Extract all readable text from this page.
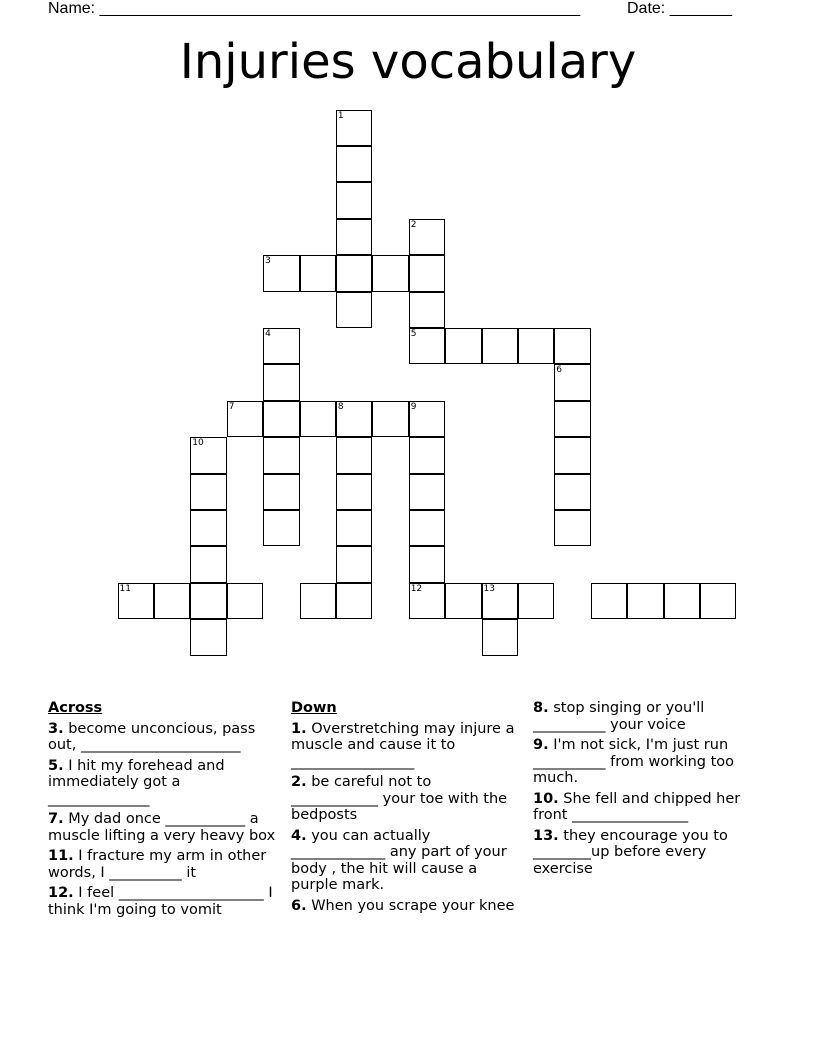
Name: ______________________________________________________	Date: _______
Injuries vocabulary
1
2
5
3
6
4
7	8	9
12
10
11	13
Across
3. become unconcious, pass out, ______________________
5. I hit my forehead and immediately got a ______________
7. My dad once ___________ a muscle lifting a very heavy box
11. I fracture my arm in other words, I __________ it
12. I feel ____________________ I think I'm going to vomit
Down
1. Overstretching may injure a muscle and cause it to _________________
2. be careful not to ____________ your toe with the bedposts
4. you can actually _____________ any part of your body , the hit will cause a purple mark.
6. When you scrape your knee
8. stop singing or you'll __________ your voice
9. I'm not sick, I'm just run __________ from working too much.
10. She fell and chipped her front ________________
13. they encourage you to ________up before every exercise
